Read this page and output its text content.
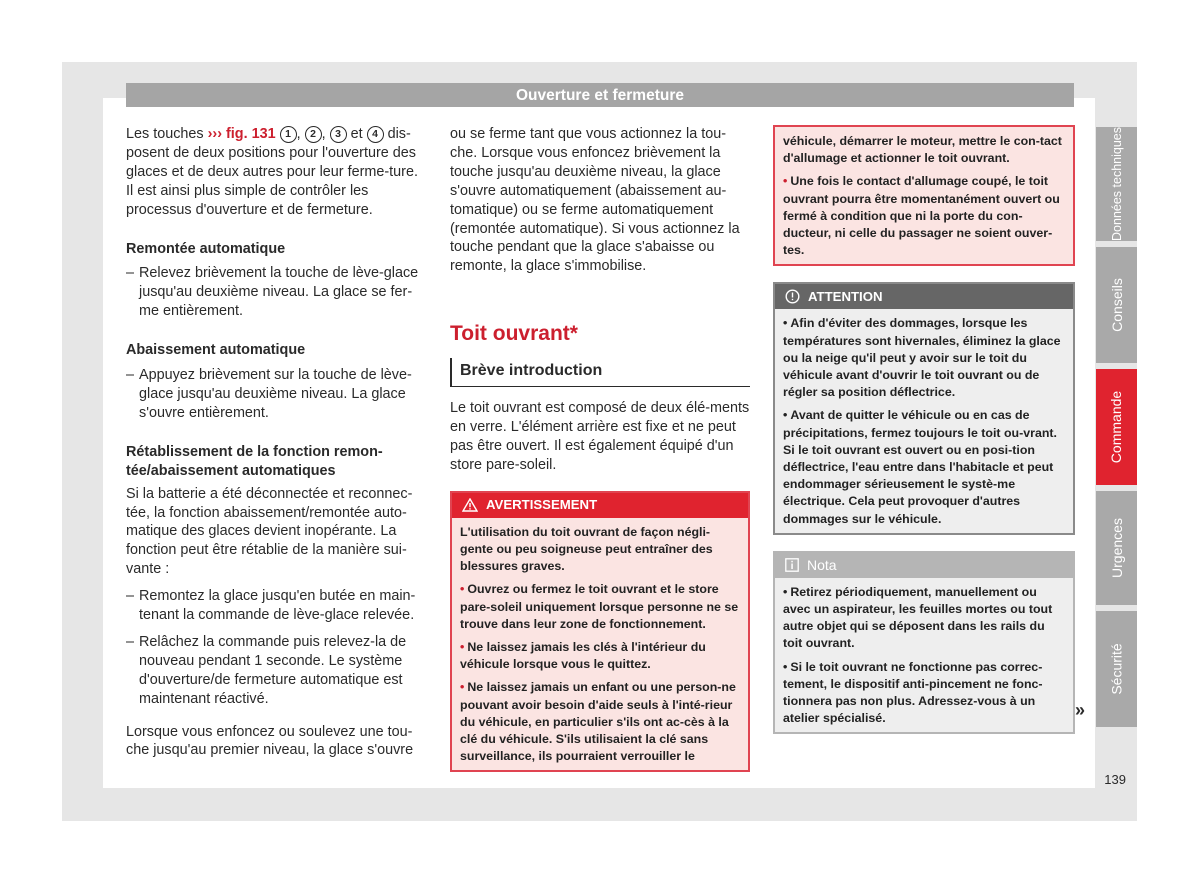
Ouverture et fermeture

Les touches ››› fig. 131 1 , 2 , 3 et 4 dis-posent de deux positions pour l'ouverture des glaces et de deux autres pour leur ferme-ture. Il est ainsi plus simple de contrôler les processus d'ouverture et de fermeture.

Remontée automatique

– Relevez brièvement la touche de lève-glace jusqu'au deuxième niveau. La glace se fer-me entièrement.

Abaissement automatique

– Appuyez brièvement sur la touche de lève-glace jusqu'au deuxième niveau. La glace s'ouvre entièrement.

Rétablissement de la fonction remon-tée/abaissement automatiques

Si la batterie a été déconnectée et reconnec-tée, la fonction abaissement/remontée auto-matique des glaces devient inopérante. La fonction peut être rétablie de la manière sui-vante :

– Remontez la glace jusqu'en butée en main-tenant la commande de lève-glace relevée.
– Relâchez la commande puis relevez-la de nouveau pendant 1 seconde. Le système d'ouverture/de fermeture automatique est maintenant réactivé.

Lorsque vous enfoncez ou soulevez une tou-che jusqu'au premier niveau, la glace s'ouvre

ou se ferme tant que vous actionnez la tou-che. Lorsque vous enfoncez brièvement la touche jusqu'au deuxième niveau, la glace s'ouvre automatiquement (abaissement au-tomatique) ou se ferme automatiquement (remontée automatique). Si vous actionnez la touche pendant que la glace s'abaisse ou remonte, la glace s'immobilise.

Toit ouvrant*
Brève introduction

Le toit ouvrant est composé de deux élé-ments en verre. L'élément arrière est fixe et ne peut pas être ouvert. Il est également équipé d'un store pare-soleil.

AVERTISSEMENT

L'utilisation du toit ouvrant de façon négli-gente ou peu soigneuse peut entraîner des blessures graves.

• Ouvrez ou fermez le toit ouvrant et le store pare-soleil uniquement lorsque personne ne se trouve dans leur zone de fonctionnement.

• Ne laissez jamais les clés à l'intérieur du véhicule lorsque vous le quittez.

• Ne laissez jamais un enfant ou une person-ne pouvant avoir besoin d'aide seuls à l'inté-rieur du véhicule, en particulier s'ils ont ac-cès à la clé du véhicule. S'ils utilisaient la clé sans surveillance, ils pourraient verrouiller le

véhicule, démarrer le moteur, mettre le con-tact d'allumage et actionner le toit ouvrant.

• Une fois le contact d'allumage coupé, le toit ouvrant pourra être momentanément ouvert ou fermé à condition que ni la porte du con-ducteur, ni celle du passager ne soient ouver-tes.

ATTENTION

• Afin d'éviter des dommages, lorsque les températures sont hivernales, éliminez la glace ou la neige qu'il peut y avoir sur le toit du véhicule avant d'ouvrir le toit ouvrant ou de régler sa position déflectrice.

• Avant de quitter le véhicule ou en cas de précipitations, fermez toujours le toit ou-vrant. Si le toit ouvrant est ouvert ou en posi-tion déflectrice, l'eau entre dans l'habitacle et peut endommager sérieusement le systè-me électrique. Cela peut provoquer d'autres dommages sur le véhicule.

Nota

• Retirez périodiquement, manuellement ou avec un aspirateur, les feuilles mortes ou tout autre objet qui se déposent dans les rails du toit ouvrant.

• Si le toit ouvrant ne fonctionne pas correc-tement, le dispositif anti-pincement ne fonc-tionnera pas non plus. Adressez-vous à un atelier spécialisé.	»
Données techniques
Conseils
Commande
Urgences
Sécurité
139
